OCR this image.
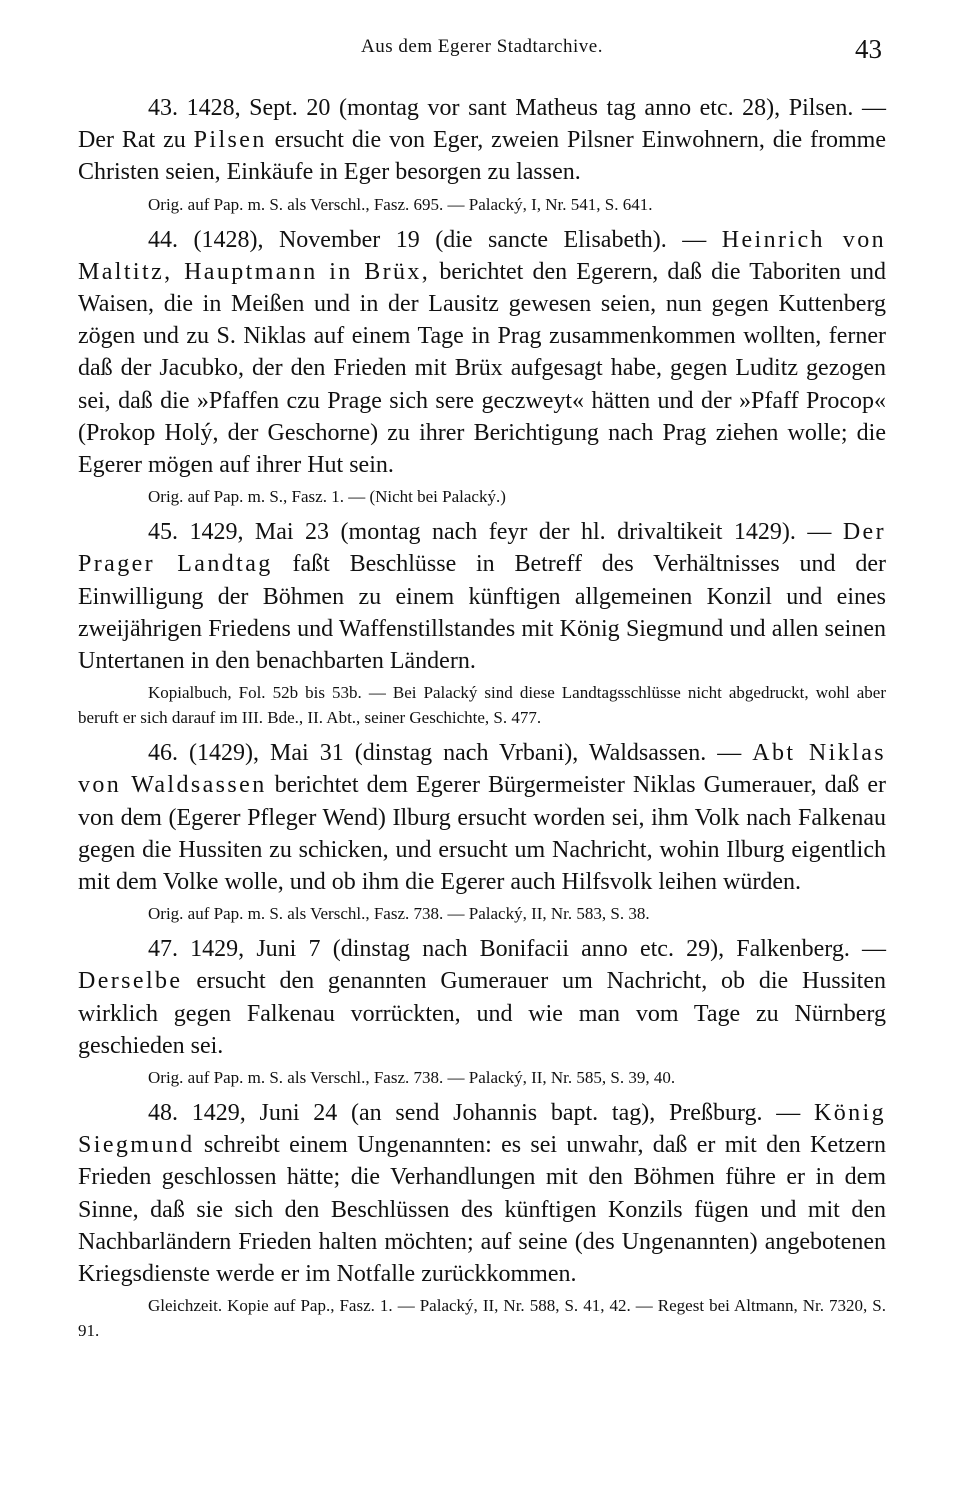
Aus dem Egerer Stadtarchive.	43

43. 1428, Sept. 20 (montag vor sant Matheus tag anno etc. 28), Pilsen. — Der Rat zu Pilsen ersucht die von Eger, zweien Pilsner Einwohnern, die fromme Christen seien, Einkäufe in Eger besorgen zu lassen.

Orig. auf Pap. m. S. als Verschl., Fasz. 695. — Palacký, I, Nr. 541, S. 641.

44. (1428), November 19 (die sancte Elisabeth). — Heinrich von Maltitz, Hauptmann in Brüx, berichtet den Egerern, daß die Taboriten und Waisen, die in Meißen und in der Lausitz gewesen seien, nun gegen Kuttenberg zögen und zu S. Niklas auf einem Tage in Prag zusammenkommen wollten, ferner daß der Jacubko, der den Frieden mit Brüx aufgesagt habe, gegen Luditz gezogen sei, daß die »Pfaffen czu Prage sich sere geczweyt« hätten und der »Pfaff Procop« (Prokop Holý, der Geschorne) zu ihrer Berichtigung nach Prag ziehen wolle; die Egerer mögen auf ihrer Hut sein.

Orig. auf Pap. m. S., Fasz. 1. — (Nicht bei Palacký.)

45. 1429, Mai 23 (montag nach feyr der hl. drivaltikeit 1429). — Der Prager Landtag faßt Beschlüsse in Betreff des Verhältnisses und der Einwilligung der Böhmen zu einem künftigen allgemeinen Konzil und eines zweijährigen Friedens und Waffenstillstandes mit König Siegmund und allen seinen Untertanen in den benachbarten Ländern.

Kopialbuch, Fol. 52b bis 53b. — Bei Palacký sind diese Landtagsschlüsse nicht abgedruckt, wohl aber beruft er sich darauf im III. Bde., II. Abt., seiner Geschichte, S. 477.

46. (1429), Mai 31 (dinstag nach Vrbani), Waldsassen. — Abt Niklas von Waldsassen berichtet dem Egerer Bürgermeister Niklas Gumerauer, daß er von dem (Egerer Pfleger Wend) Ilburg ersucht worden sei, ihm Volk nach Falkenau gegen die Hussiten zu schicken, und ersucht um Nachricht, wohin Ilburg eigentlich mit dem Volke wolle, und ob ihm die Egerer auch Hilfsvolk leihen würden.

Orig. auf Pap. m. S. als Verschl., Fasz. 738. — Palacký, II, Nr. 583, S. 38.

47. 1429, Juni 7 (dinstag nach Bonifacii anno etc. 29), Falkenberg. — Derselbe ersucht den genannten Gumerauer um Nachricht, ob die Hussiten wirklich gegen Falkenau vorrückten, und wie man vom Tage zu Nürnberg geschieden sei.

Orig. auf Pap. m. S. als Verschl., Fasz. 738. — Palacký, II, Nr. 585, S. 39, 40.

48. 1429, Juni 24 (an send Johannis bapt. tag), Preßburg. — König Siegmund schreibt einem Ungenannten: es sei unwahr, daß er mit den Ketzern Frieden geschlossen hätte; die Verhandlungen mit den Böhmen führe er in dem Sinne, daß sie sich den Beschlüssen des künftigen Konzils fügen und mit den Nachbarländern Frieden halten möchten; auf seine (des Ungenannten) angebotenen Kriegsdienste werde er im Notfalle zurückkommen.

Gleichzeit. Kopie auf Pap., Fasz. 1. — Palacký, II, Nr. 588, S. 41, 42. — Regest bei Altmann, Nr. 7320, S. 91.
